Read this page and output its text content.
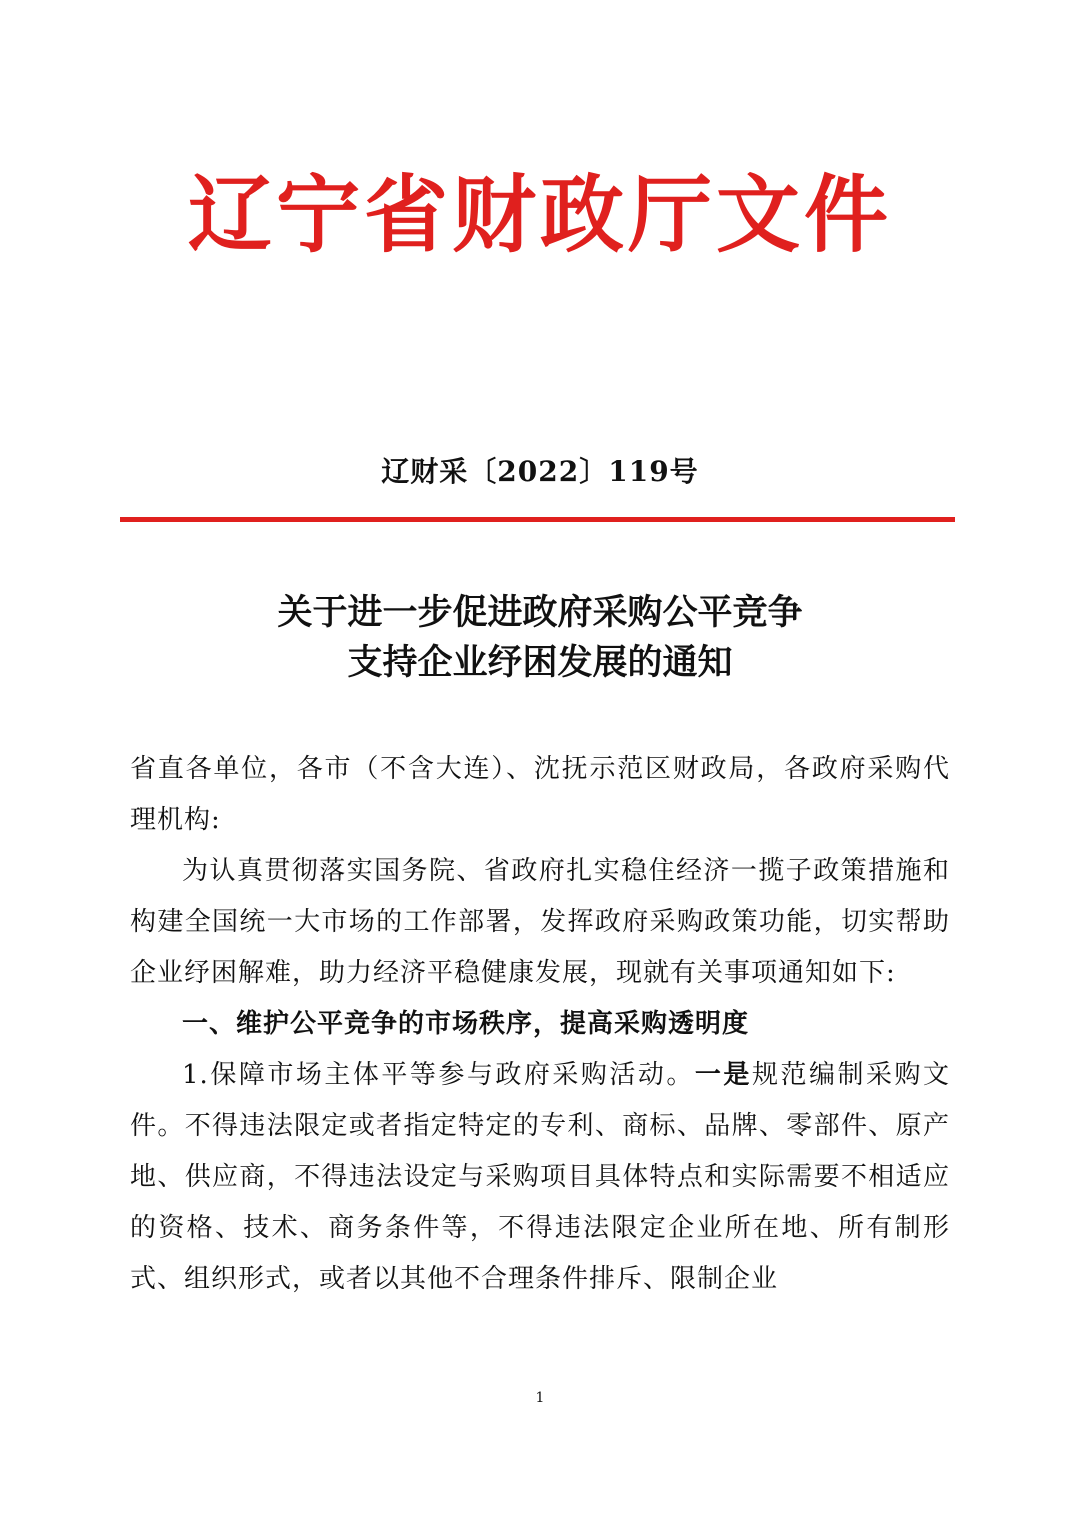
辽宁省财政厅文件
辽财采〔2022〕119号
关于进一步促进政府采购公平竞争
支持企业纾困发展的通知

省直各单位，各市（不含大连）、沈抚示范区财政局，各政府采购代理机构:

为认真贯彻落实国务院、省政府扎实稳住经济一揽子政策措施和构建全国统一大市场的工作部署，发挥政府采购政策功能，切实帮助企业纾困解难，助力经济平稳健康发展，现就有关事项通知如下:

一、维护公平竞争的市场秩序，提高采购透明度

1.保障市场主体平等参与政府采购活动。一是规范编制采购文件。不得违法限定或者指定特定的专利、商标、品牌、零部件、原产地、供应商，不得违法设定与采购项目具体特点和实际需要不相适应的资格、技术、商务条件等，不得违法限定企业所在地、所有制形式、组织形式，或者以其他不合理条件排斥、限制企业

1
